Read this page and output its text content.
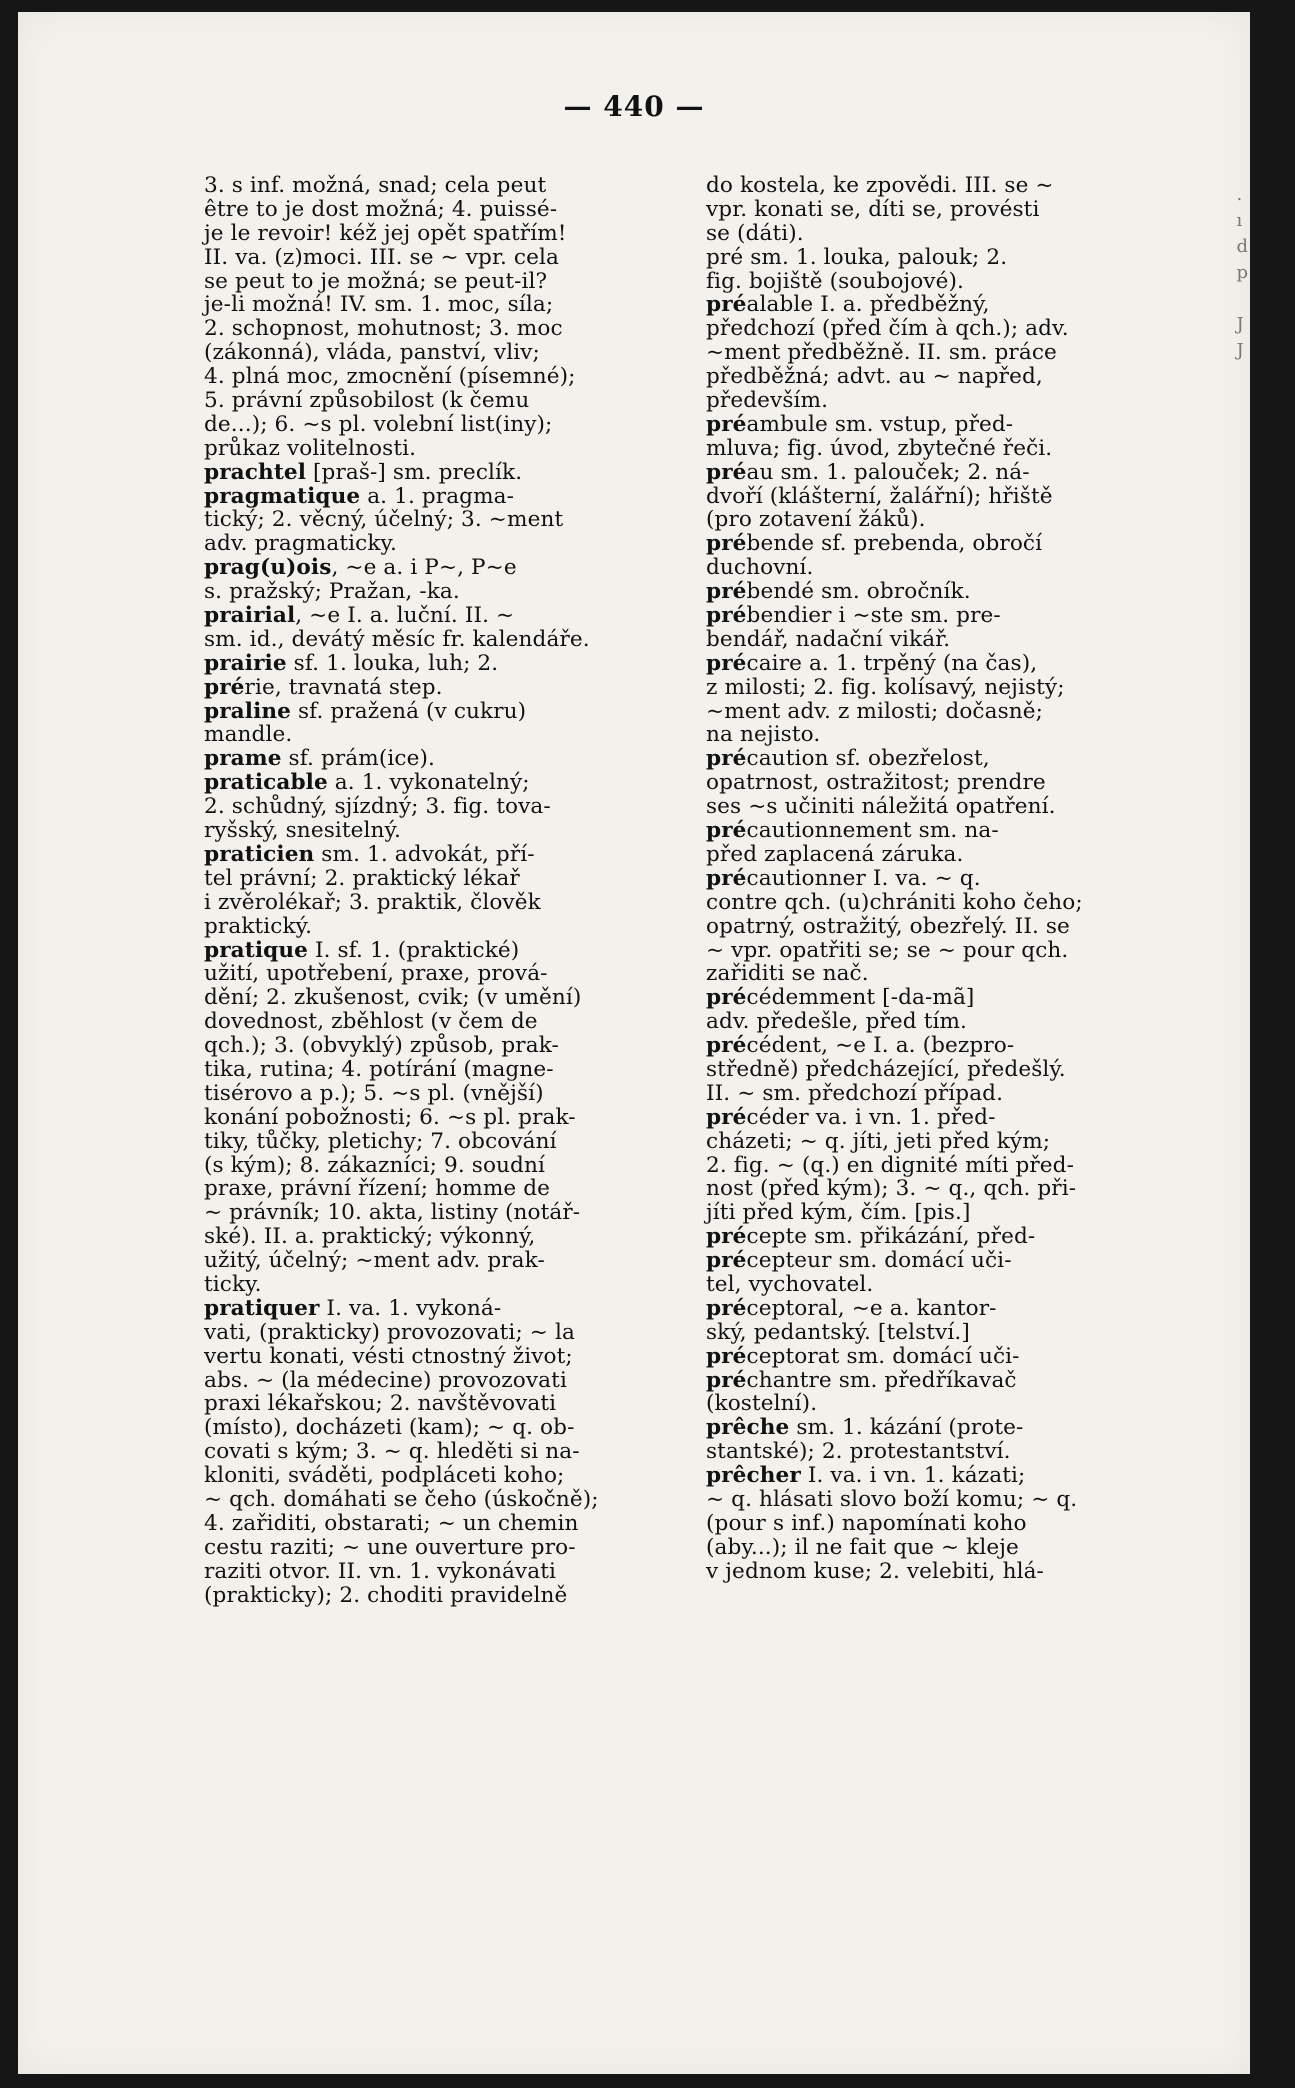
— 440 —
3. s inf. možná, snad; cela peut
être to je dost možná; 4. puissé-
je le revoir! kéž jej opět spatřím!
II. va. (z)moci. III. se ~ vpr. cela
se peut to je možná; se peut-il?
je-li možná! IV. sm. 1. moc, síla;
2. schopnost, mohutnost; 3. moc
(zákonná), vláda, panství, vliv;
4. plná moc, zmocnění (písemné);
5. právní způsobilost (k čemu
de...); 6. ~s pl. volební list(iny);
průkaz volitelnosti.
prachtel [praš-] sm. preclík.
pragmatique a. 1. pragma-
tický; 2. věcný, účelný; 3. ~ment
adv. pragmaticky.
prag(u)ois, ~e a. i P~, P~e
s. pražský; Pražan, -ka.
prairial, ~e I. a. luční. II. ~
sm. id., devátý měsíc fr. kalendáře.
prairie sf. 1. louka, luh; 2.
prérie, travnatá step.
praline sf. pražená (v cukru)
mandle.
prame sf. prám(ice).
praticable a. 1. vykonatelný;
2. schůdný, sjízdný; 3. fig. tova-
ryšský, snesitelný.
praticien sm. 1. advokát, pří-
tel právní; 2. praktický lékař
i zvěrolékař; 3. praktik, člověk
praktický.
pratique I. sf. 1. (praktické)
užití, upotřebení, praxe, prová-
dění; 2. zkušenost, cvik; (v umění)
dovednost, zběhlost (v čem de
qch.); 3. (obvyklý) způsob, prak-
tika, rutina; 4. potírání (magne-
tisérovo a p.); 5. ~s pl. (vnější)
konání pobožnosti; 6. ~s pl. prak-
tiky, tůčky, pletichy; 7. obcování
(s kým); 8. zákazníci; 9. soudní
praxe, právní řízení; homme de
~ právník; 10. akta, listiny (notář-
ské). II. a. praktický; výkonný,
užitý, účelný; ~ment adv. prak-
ticky.
pratiquer I. va. 1. vykoná-
vati, (prakticky) provozovati; ~ la
vertu konati, vésti ctnostný život;
abs. ~ (la médecine) provozovati
praxi lékařskou; 2. navštěvovati
(místo), docházeti (kam); ~ q. ob-
covati s kým; 3. ~ q. hleděti si na-
kloniti, sváděti, podpláceti koho;
~ qch. domáhati se čeho (úskočně);
4. zařiditi, obstarati; ~ un chemin
cestu raziti; ~ une ouverture pro-
raziti otvor. II. vn. 1. vykonávati
(prakticky); 2. choditi pravidelně
do kostela, ke zpovědi. III. se ~
vpr. konati se, díti se, provésti
se (dáti).
pré sm. 1. louka, palouk; 2.
fig. bojiště (soubojové).
préalable I. a. předběžný,
předchozí (před čím à qch.); adv.
~ment předběžně. II. sm. práce
předběžná; advt. au ~ napřed,
především.
préambule sm. vstup, před-
mluva; fig. úvod, zbytečné řeči.
préau sm. 1. palouček; 2. ná-
dvoří (klášterní, žalářní); hřiště
(pro zotavení žáků).
prébende sf. prebenda, obročí
duchovní.
prébendé sm. obročník.
prébendier i ~ste sm. pre-
bendář, nadační vikář.
précaire a. 1. trpěný (na čas),
z milosti; 2. fig. kolísavý, nejistý;
~ment adv. z milosti; dočasně;
na nejisto.
précaution sf. obezřelost,
opatrnost, ostražitost; prendre
ses ~s učiniti náležitá opatření.
précautionnement sm. na-
před zaplacená záruka.
précautionner I. va. ~ q.
contre qch. (u)chrániti koho čeho;
opatrný, ostražitý, obezřelý. II. se
~ vpr. opatřiti se; se ~ pour qch.
zařiditi se nač.
précédemment [-da-mã]
adv. předešle, před tím.
précédent, ~e I. a. (bezpro-
středně) předcházející, předešlý.
II. ~ sm. předchozí případ.
précéder va. i vn. 1. před-
cházeti; ~ q. jíti, jeti před kým;
2. fig. ~ (q.) en dignité míti před-
nost (před kým); 3. ~ q., qch. při-
jíti před kým, čím. [pis.]
précepte sm. přikázání, před-
précepteur sm. domácí uči-
tel, vychovatel.
préceptoral, ~e a. kantor-
ský, pedantský. [telství.]
préceptorat sm. domácí uči-
préchantre sm. předříkavač
(kostelní).
prêche sm. 1. kázání (prote-
stantské); 2. protestantství.
prêcher I. va. i vn. 1. kázati;
~ q. hlásati slovo boží komu; ~ q.
(pour s inf.) napomínati koho
(aby...); il ne fait que ~ kleje
v jednom kuse; 2. velebiti, hlá-
.
ı
d
p

J
J
